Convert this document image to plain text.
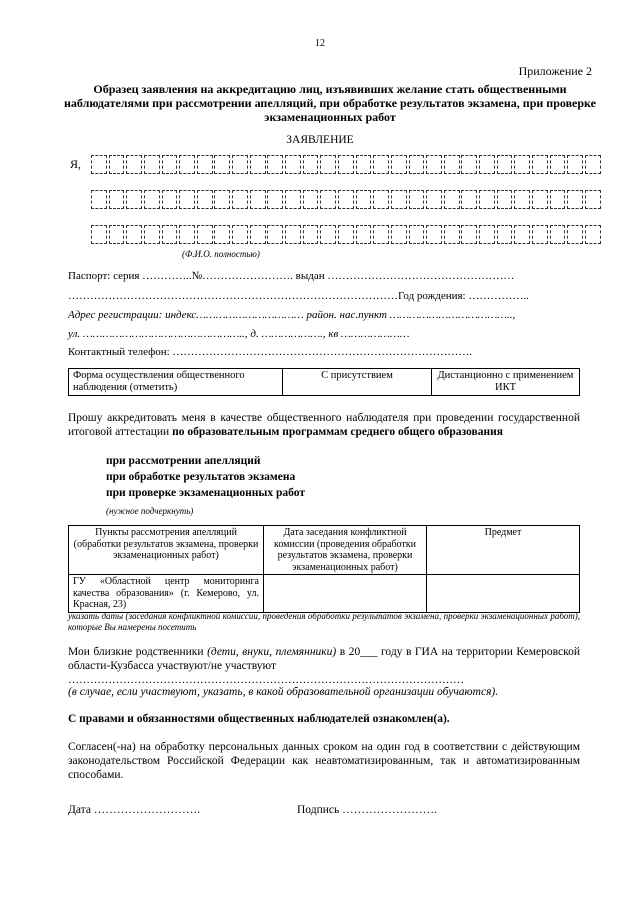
12
Приложение 2
Образец заявления на аккредитацию лиц, изъявивших желание стать общественными наблюдателями при рассмотрении апелляций, при обработке результатов экзамена, при проверке экзаменационных работ
ЗАЯВЛЕНИЕ
Я,
(Ф.И.О. полностью)
Паспорт: серия …………..№……………………. выдан ……………………………………………
………………………………………………………………………………Год рождения: ……………..
Адрес регистрации: индекс…………………………… район. нас.пункт ………………………………..,
ул. ………………………………………….., д. ………………., кв …………………
Контактный телефон: ……………………………………………………………………….
Форма осуществления общественного наблюдения (отметить)	С присутствием	Дистанционно с применением ИКТ
Прошу аккредитовать меня в качестве общественного наблюдателя при проведении государственной итоговой аттестации по образовательным программам среднего общего образования
при рассмотрении апелляций
при обработке результатов экзамена
при проверке экзаменационных работ
(нужное подчеркнуть)
Пункты рассмотрения апелляций (обработки результатов экзамена, проверки экзаменационных работ)	Дата заседания конфликтной комиссии (проведения обработки результатов экзамена, проверки экзаменационных работ)	Предмет
ГУ «Областной центр мониторинга качества образования» (г. Кемерово, ул. Красная, 23)		
указать даты (заседания конфликтной комиссии, проведения обработки результатов экзамена, проверки экзаменационных работ), которые Вы намерены посетить
Мои близкие родственники (дети, внуки, племянники) в 20___ году в ГИА на территории Кемеровской области-Кузбасса участвуют/не участвуют
………………………………………………………………………………………………
(в случае, если участвуют, указать, в какой образовательной организации обучаются).
С правами и обязанностями общественных наблюдателей ознакомлен(а).
Согласен(-на) на обработку персональных данных сроком на один год в соответствии с действующим законодательством Российской Федерации как неавтоматизированным, так и автоматизированным способами.
Дата ……………………….	Подпись …………………….
